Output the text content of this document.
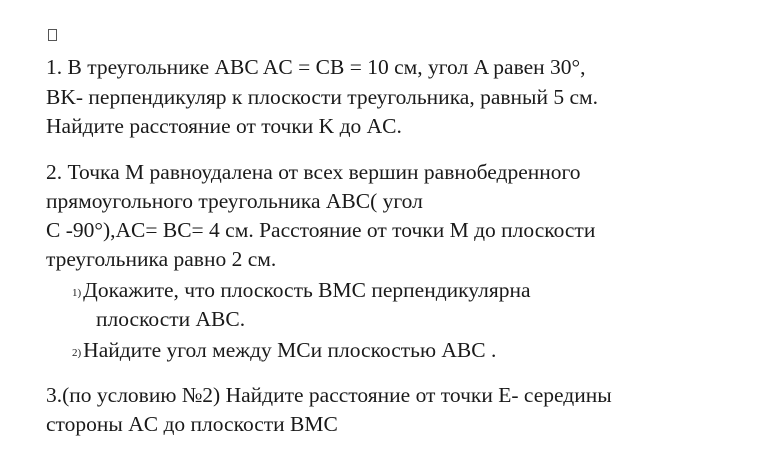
1. В треугольнике ABC AC = CB = 10 см, угол A равен 30°,
BK- перпендикуляр к плоскости треугольника, равный 5 см.
Найдите расстояние от точки K до AC.
2. Точка M равноудалена от всех вершин равнобедренного
прямоугольного треугольника ABC( угол
C -90°),AC= BC= 4 см. Расстояние от точки M до плоскости
треугольника равно 2 см.
1)Докажите, что плоскость BMC перпендикулярна
плоскости ABC.
2)Найдите угол между MCи плоскостью ABC .
3.(по условию №2) Найдите расстояние от точки E- середины
стороны AC до плоскости BMC
